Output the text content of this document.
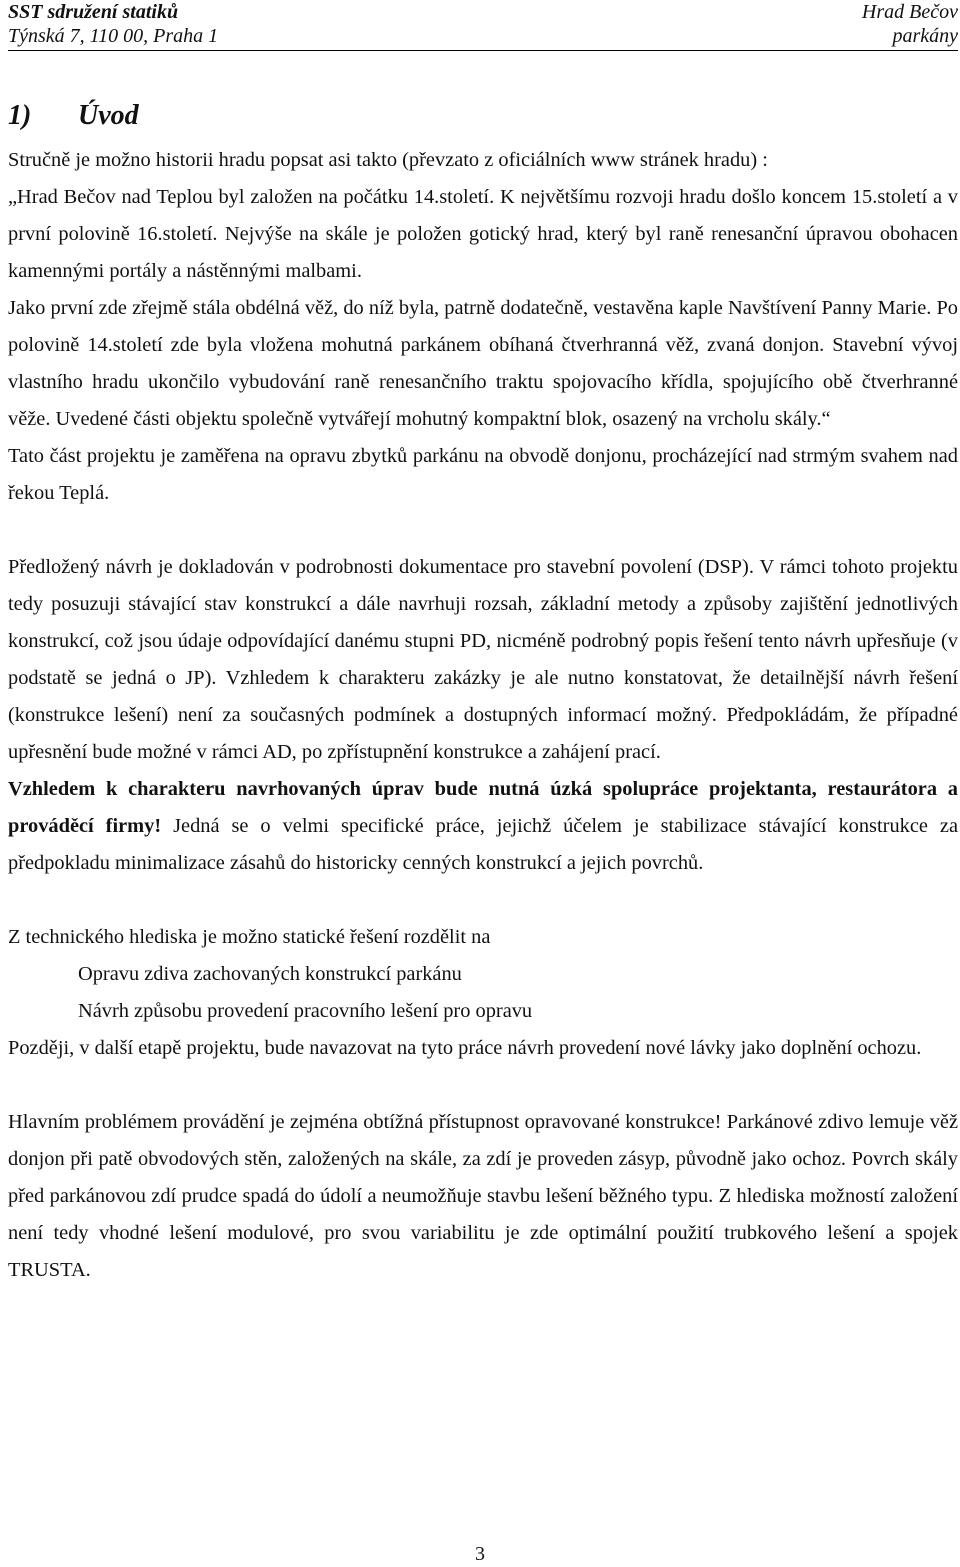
SST sdružení statiků
Týnská 7, 110 00, Praha 1
Hrad Bečov
parkány
1) Úvod

Stručně je možno historii hradu popsat asi takto (převzato z oficiálních www stránek hradu) :

„Hrad Bečov nad Teplou byl založen na počátku 14.století. K největšímu rozvoji hradu došlo koncem 15.století a v první polovině 16.století. Nejvýše na skále je položen gotický hrad, který byl raně renesanční úpravou obohacen kamennými portály a nástěnnými malbami.

Jako první zde zřejmě stála obdélná věž, do níž byla, patrně dodatečně, vestavěna kaple Navštívení Panny Marie. Po polovině 14.století zde byla vložena mohutná parkánem obíhaná čtverhranná věž, zvaná donjon. Stavební vývoj vlastního hradu ukončilo vybudování raně renesančního traktu spojovacího křídla, spojujícího obě čtverhranné věže. Uvedené části objektu společně vytvářejí mohutný kompaktní blok, osazený na vrcholu skály.“

Tato část projektu je zaměřena na opravu zbytků parkánu na obvodě donjonu, procházející nad strmým svahem nad řekou Teplá.

Předložený návrh je dokladován v podrobnosti dokumentace pro stavební povolení (DSP). V rámci tohoto projektu tedy posuzuji stávající stav konstrukcí a dále navrhuji rozsah, základní metody a způsoby zajištění jednotlivých konstrukcí, což jsou údaje odpovídající danému stupni PD, nicméně podrobný popis řešení tento návrh upřesňuje (v podstatě se jedná o JP). Vzhledem k charakteru zakázky je ale nutno konstatovat, že detailnější návrh řešení (konstrukce lešení) není za současných podmínek a dostupných informací možný. Předpokládám, že případné upřesnění bude možné v rámci AD, po zpřístupnění konstrukce a zahájení prací.

Vzhledem k charakteru navrhovaných úprav bude nutná úzká spolupráce projektanta, restaurátora a prováděcí firmy! Jedná se o velmi specifické práce, jejichž účelem je stabilizace stávající konstrukce za předpokladu minimalizace zásahů do historicky cenných konstrukcí a jejich povrchů.

Z technického hlediska je možno statické řešení rozdělit na

Opravu zdiva zachovaných konstrukcí parkánu

Návrh způsobu provedení pracovního lešení pro opravu

Později, v další etapě projektu, bude navazovat na tyto práce návrh provedení nové lávky jako doplnění ochozu.

Hlavním problémem provádění je zejména obtížná přístupnost opravované konstrukce! Parkánové zdivo lemuje věž donjon při patě obvodových stěn, založených na skále, za zdí je proveden zásyp, původně jako ochoz. Povrch skály před parkánovou zdí prudce spadá do údolí a neumožňuje stavbu lešení běžného typu. Z hlediska možností založení není tedy vhodné lešení modulové, pro svou variabilitu je zde optimální použití trubkového lešení a spojek TRUSTA.

3
